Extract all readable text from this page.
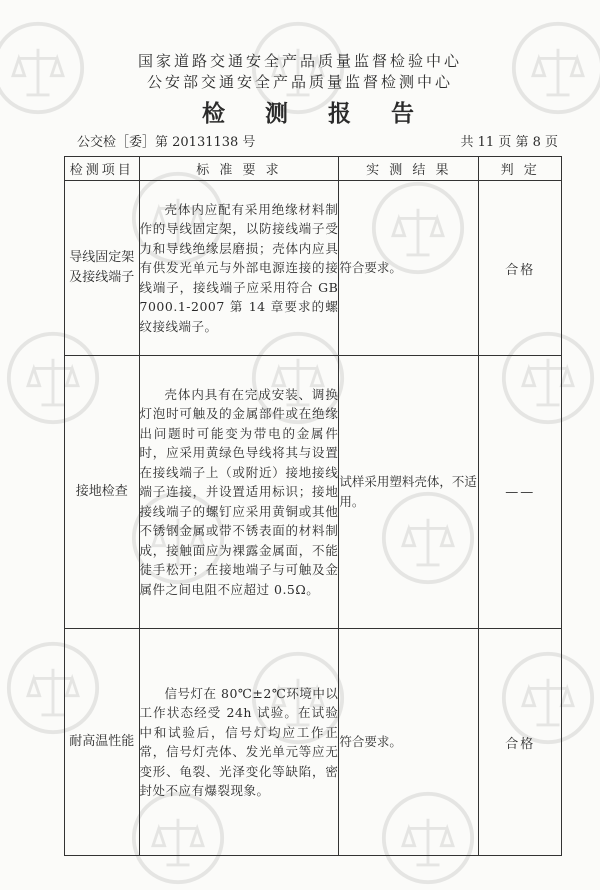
国家道路交通安全产品质量监督检验中心
公安部交通安全产品质量监督检测中心
检 测 报 告
公交检［委］第 20131138 号	共 11 页 第 8 页
检测项目	标 准 要 求	实 测 结 果	判 定
导线固定架及接线端子	壳体内应配有采用绝缘材料制作的导线固定架，以防接线端子受力和导线绝缘层磨损；壳体内应具有供发光单元与外部电源连接的接线端子，接线端子应采用符合 GB 7000.1-2007 第 14 章要求的螺纹接线端子。	符合要求。	合格
接地检查	壳体内具有在完成安装、调换灯泡时可触及的金属部件或在绝缘出问题时可能变为带电的金属件时，应采用黄绿色导线将其与设置在接线端子上（或附近）接地接线端子连接，并设置适用标识；接地接线端子的螺钉应采用黄铜或其他不锈钢金属或带不锈表面的材料制成，接触面应为裸露金属面，不能徒手松开；在接地端子与可触及金属件之间电阻不应超过 0.5Ω。	试样采用塑料壳体，不适用。	——
耐高温性能	信号灯在 80℃±2℃环境中以工作状态经受 24h 试验。在试验中和试验后，信号灯均应工作正常，信号灯壳体、发光单元等应无变形、龟裂、光泽变化等缺陷，密封处不应有爆裂现象。	符合要求。	合格
